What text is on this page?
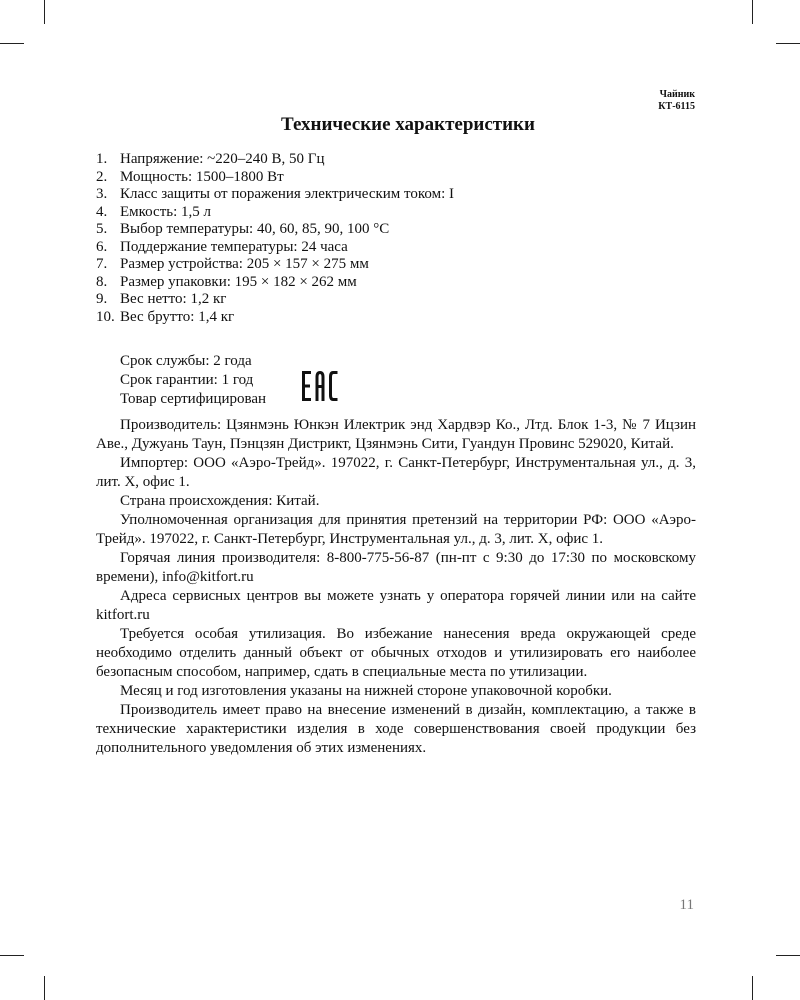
Чайник
КТ-6115
Технические характеристики
1. Напряжение: ~220–240 В, 50 Гц
2. Мощность: 1500–1800 Вт
3. Класс защиты от поражения электрическим током: I
4. Емкость: 1,5 л
5. Выбор температуры: 40, 60, 85, 90, 100 °С
6. Поддержание температуры: 24 часа
7. Размер устройства: 205 × 157 × 275 мм
8. Размер упаковки: 195 × 182 × 262 мм
9. Вес нетто: 1,2 кг
10. Вес брутто: 1,4 кг
Срок службы: 2 года
Срок гарантии: 1 год
Товар сертифицирован

Производитель: Цзянмэнь Юнкэн Илектрик энд Хардвэр Ко., Лтд. Блок 1-3, № 7 Ицзин Аве., Дужуань Таун, Пэнцзян Дистрикт, Цзянмэнь Сити, Гуандун Провинс 529020, Китай.

Импортер: ООО «Аэро-Трейд». 197022, г. Санкт-Петербург, Инструментальная ул., д. 3, лит. Х, офис 1.

Страна происхождения: Китай.

Уполномоченная организация для принятия претензий на территории РФ: ООО «Аэро-Трейд». 197022, г. Санкт-Петербург, Инструментальная ул., д. 3, лит. Х, офис 1.

Горячая линия производителя: 8-800-775-56-87 (пн-пт с 9:30 до 17:30 по московскому времени), info@kitfort.ru

Адреса сервисных центров вы можете узнать у оператора горячей линии или на сайте kitfort.ru

Требуется особая утилизация. Во избежание нанесения вреда окружающей среде необходимо отделить данный объект от обычных отходов и утилизировать его наиболее безопасным способом, например, сдать в специальные места по утилизации.

Месяц и год изготовления указаны на нижней стороне упаковочной коробки.

Производитель имеет право на внесение изменений в дизайн, комплектацию, а также в технические характеристики изделия в ходе совершенствования своей продукции без дополнительного уведомления об этих изменениях.

11
